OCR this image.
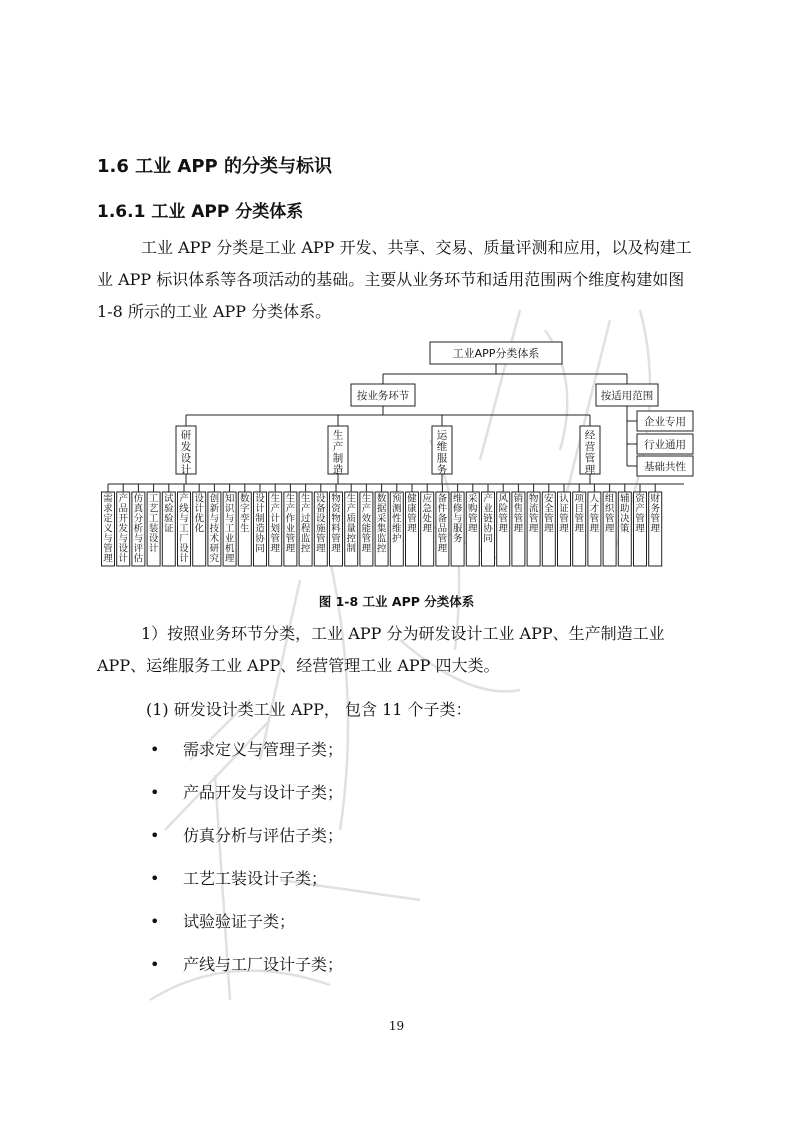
1.6 工业 APP 的分类与标识
1.6.1 工业 APP 分类体系
工业 APP 分类是工业 APP 开发、共享、交易、质量评测和应用，以及构建工业 APP 标识体系等各项活动的基础。主要从业务环节和适用范围两个维度构建如图 1-8 所示的工业 APP 分类体系。
工业APP分类体系
按业务环节	按适用范围
企业专用
行业通用
基础共性
研发设计
生产制造
运维服务
经营管理
需求定义与管理
产品开发与设计
仿真分析与评估
工艺工装设计
试验验证
产线与工厂设计
设计优化
创新与技术研究
知识与工业机理
数字孪生
设计制造协同
生产计划管理
生产作业管理
生产过程监控
设备设施管理
物资物料管理
生产质量控制
生产效能管理
数据采集监控
预测性维护
健康管理
应急处理
备件备品管理
维修与服务
采购管理
产业链协同
风险管理
销售管理
物流管理
安全管理
认证管理
项目管理
人才管理
组织管理
辅助决策
资产管理
财务管理
图 1-8 工业 APP 分类体系
1）按照业务环节分类，工业 APP 分为研发设计工业 APP、生产制造工业 APP、运维服务工业 APP、经营管理工业 APP 四大类。
(1) 研发设计类工业 APP， 包含 11 个子类：
•	需求定义与管理子类；
•	产品开发与设计子类；
•	仿真分析与评估子类；
•	工艺工装设计子类；
•	试验验证子类；
•	产线与工厂设计子类；
19
